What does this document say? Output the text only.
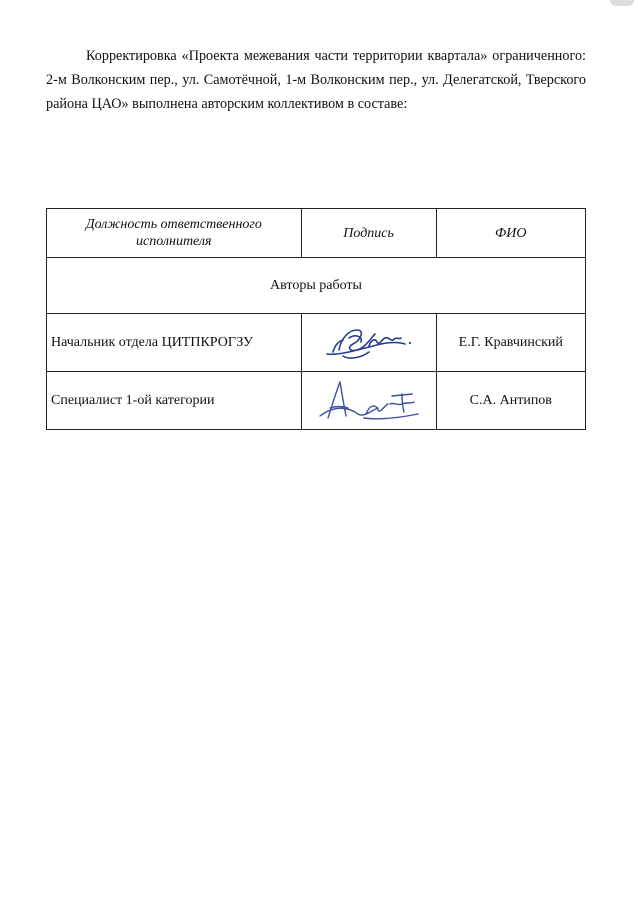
Корректировка «Проекта межевания части территории квартала» ограниченного: 2-м Волконским пер., ул. Самотёчной, 1-м Волконским пер., ул. Делегатской, Тверского района ЦАО» выполнена авторским коллективом в составе:

Должность ответственного исполнителя	Подпись	ФИО
Авторы работы		
Начальник отдела ЦИТПКРОГЗУ		Е.Г. Кравчинский
Специалист 1-ой категории		С.А. Антипов
